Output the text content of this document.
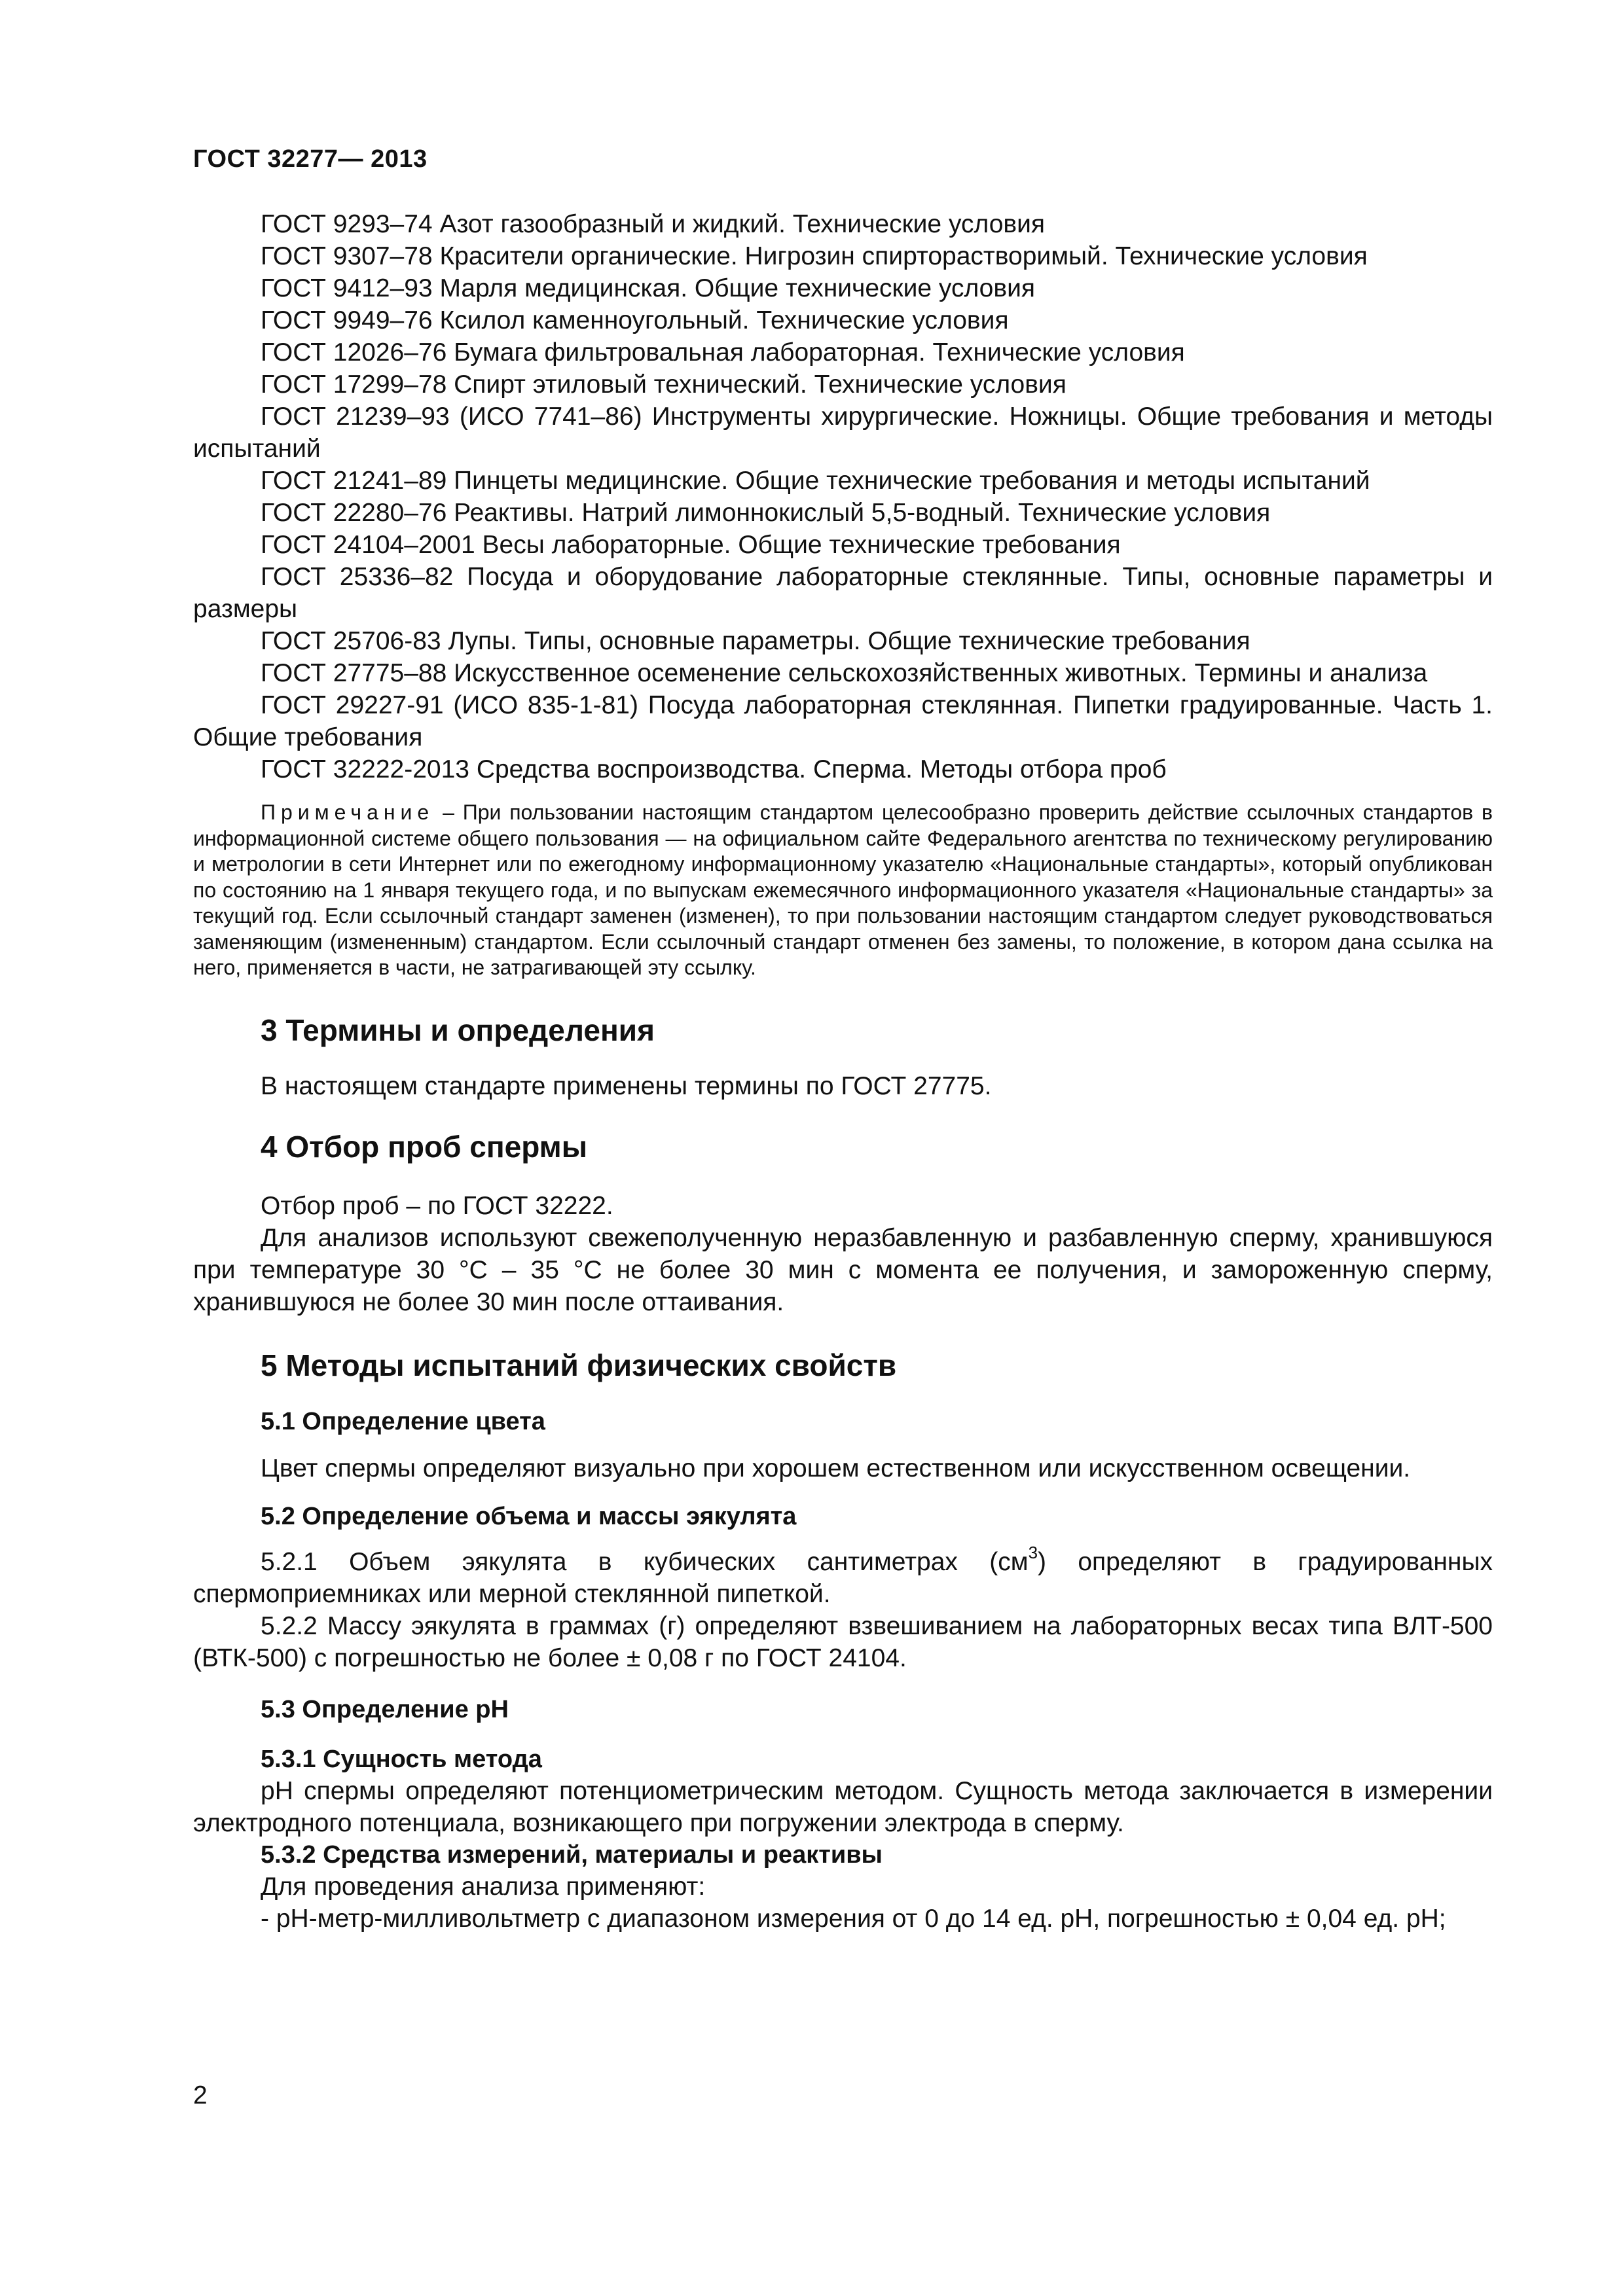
ГОСТ 32277— 2013

ГОСТ 9293–74 Азот газообразный и жидкий. Технические условия

ГОСТ 9307–78 Красители органические. Нигрозин спирторастворимый. Технические условия

ГОСТ 9412–93 Марля медицинская. Общие технические условия

ГОСТ 9949–76 Ксилол каменноугольный. Технические условия

ГОСТ 12026–76 Бумага фильтровальная лабораторная. Технические условия

ГОСТ 17299–78 Спирт этиловый технический. Технические условия

ГОСТ 21239–93 (ИСО 7741–86) Инструменты хирургические. Ножницы. Общие требования и методы испытаний

ГОСТ 21241–89 Пинцеты медицинские. Общие технические требования и методы испытаний

ГОСТ 22280–76 Реактивы. Натрий лимоннокислый 5,5-водный. Технические условия

ГОСТ 24104–2001 Весы лабораторные. Общие технические требования

ГОСТ 25336–82 Посуда и оборудование лабораторные стеклянные. Типы, основные параметры и размеры

ГОСТ 25706-83 Лупы. Типы, основные параметры. Общие технические требования

ГОСТ 27775–88 Искусственное осеменение сельскохозяйственных животных. Термины и анализа

ГОСТ 29227-91 (ИСО 835-1-81) Посуда лабораторная стеклянная. Пипетки градуированные. Часть 1. Общие требования

ГОСТ 32222-2013 Средства воспроизводства. Сперма. Методы отбора проб

Примечание – При пользовании настоящим стандартом целесообразно проверить действие ссылочных стандартов в информационной системе общего пользования — на официальном сайте Федерального агентства по техническому регулированию и метрологии в сети Интернет или по ежегодному информационному указателю «Национальные стандарты», который опубликован по состоянию на 1 января текущего года, и по выпускам ежемесячного информационного указателя «Национальные стандарты» за текущий год. Если ссылочный стандарт заменен (изменен), то при пользовании настоящим стандартом следует руководствоваться заменяющим (измененным) стандартом. Если ссылочный стандарт отменен без замены, то положение, в котором дана ссылка на него, применяется в части, не затрагивающей эту ссылку.

3 Термины и определения

В настоящем стандарте применены термины по ГОСТ 27775.

4 Отбор проб спермы

Отбор проб – по ГОСТ 32222.

Для анализов используют свежеполученную неразбавленную и разбавленную сперму, хранившуюся при температуре 30 °С – 35 °С не более 30 мин с момента ее получения, и замороженную сперму, хранившуюся не более 30 мин после оттаивания.

5 Методы испытаний физических свойств
5.1 Определение цвета

Цвет спермы определяют визуально при хорошем естественном или искусственном освещении.

5.2 Определение объема и массы эякулята

5.2.1 Объем эякулята в кубических сантиметрах $(см^3)$ определяют в градуированных спермоприемниках или мерной стеклянной пипеткой.

5.2.2 Массу эякулята в граммах (г) определяют взвешиванием на лабораторных весах типа ВЛТ-500 (ВТК-500) с погрешностью не более ± 0,08 г по ГОСТ 24104.

5.3 Определение рН
5.3.1 Сущность метода

рН спермы определяют потенциометрическим методом. Сущность метода заключается в измерении электродного потенциала, возникающего при погружении электрода в сперму.

5.3.2 Средства измерений, материалы и реактивы

Для проведения анализа применяют:

- рН-метр-милливольтметр с диапазоном измерения от 0 до 14 ед. рН, погрешностью ± 0,04 ед. рН;

2
